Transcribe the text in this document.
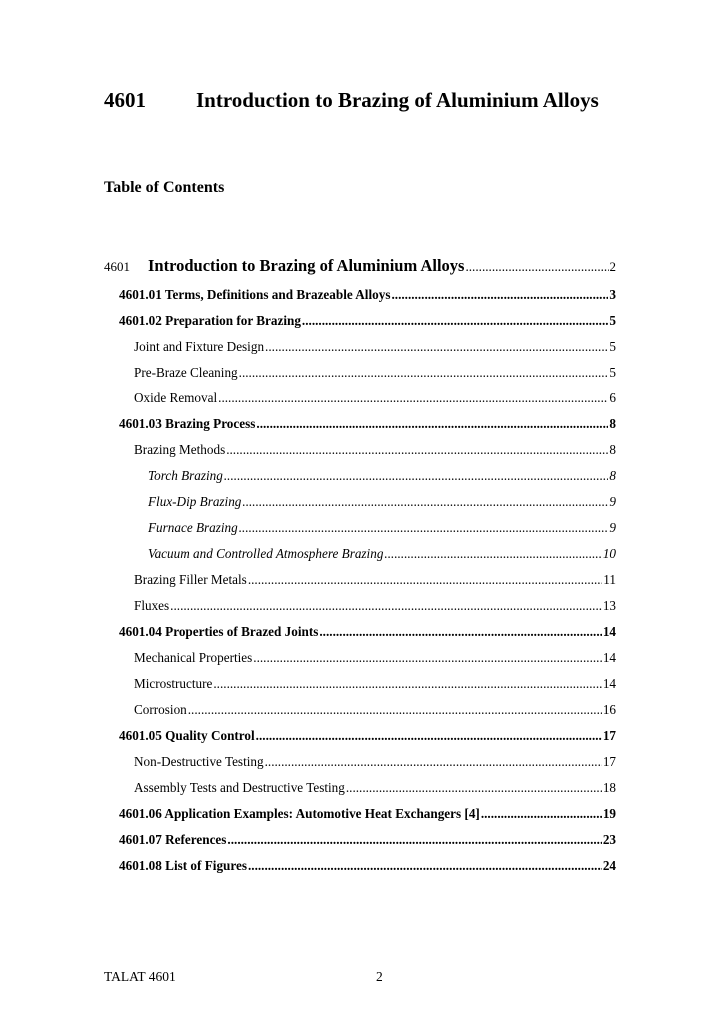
4601 Introduction to Brazing of Aluminium Alloys
Table of Contents
4601 Introduction to Brazing of Aluminium Alloys .....	2
4601.01 Terms, Definitions and Brazeable Alloys .....	3
4601.02 Preparation for Brazing .....	5
Joint and Fixture Design .....	5
Pre-Braze Cleaning .....	5
Oxide Removal .....	6
4601.03 Brazing Process .....	8
Brazing Methods .....	8
Torch Brazing .....	8
Flux-Dip Brazing .....	9
Furnace Brazing .....	9
Vacuum and Controlled Atmosphere Brazing .....	10
Brazing Filler Metals .....	11
Fluxes .....	13
4601.04 Properties of Brazed Joints .....	14
Mechanical Properties .....	14
Microstructure .....	14
Corrosion .....	16
4601.05 Quality Control .....	17
Non-Destructive Testing .....	17
Assembly Tests and Destructive Testing .....	18
4601.06 Application Examples: Automotive Heat Exchangers [4] .....	19
4601.07 References .....	23
4601.08 List of Figures .....	24
TALAT 4601	2
